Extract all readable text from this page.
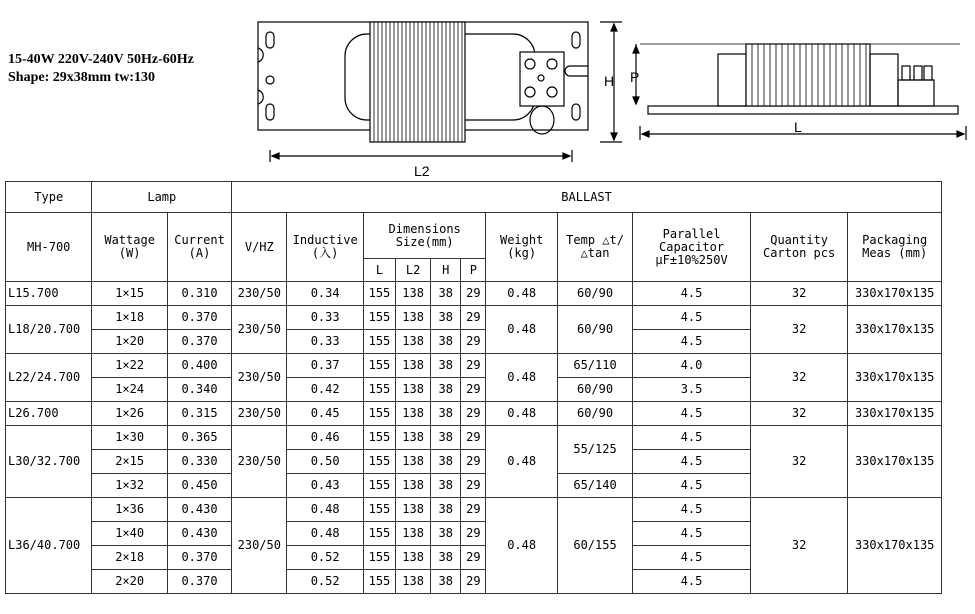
15-40W 220V-240V 50Hz-60Hz
Shape: 29x38mm tw:130	H
L2
P
L
Type	Lamp		BALLAST										
MH-700	Wattage (W)	Current (A)	V/HZ	Inductive (入)	Dimensions Size(mm)				Weight (kg)	Temp △t/△tan	Parallel Capacitor μF±10%250V	Quantity Carton pcs	Packaging Meas (mm)
					L	L2	H	P					
L15.700	1×15	0.310	230/50	0.34	155	138	38	29	0.48	60/90	4.5	32	330x170x135
L18/20.700	1×18	0.370	230/50	0.33	155	138	38	29	0.48	60/90	4.5	32	330x170x135
	1×20	0.370		0.33	155	138	38	29			4.5		
L22/24.700	1×22	0.400	230/50	0.37	155	138	38	29	0.48	65/110	4.0	32	330x170x135
	1×24	0.340		0.42	155	138	38	29		60/90	3.5		
L26.700	1×26	0.315	230/50	0.45	155	138	38	29	0.48	60/90	4.5	32	330x170x135
L30/32.700	1×30	0.365	230/50	0.46	155	138	38	29	0.48	55/125	4.5	32	330x170x135
	2×15	0.330		0.50	155	138	38	29			4.5		
	1×32	0.450		0.43	155	138	38	29		65/140	4.5		
L36/40.700	1×36	0.430	230/50	0.48	155	138	38	29	0.48	60/155	4.5	32	330x170x135
	1×40	0.430		0.48	155	138	38	29			4.5		
	2×18	0.370		0.52	155	138	38	29			4.5		
	2×20	0.370		0.52	155	138	38	29			4.5		
